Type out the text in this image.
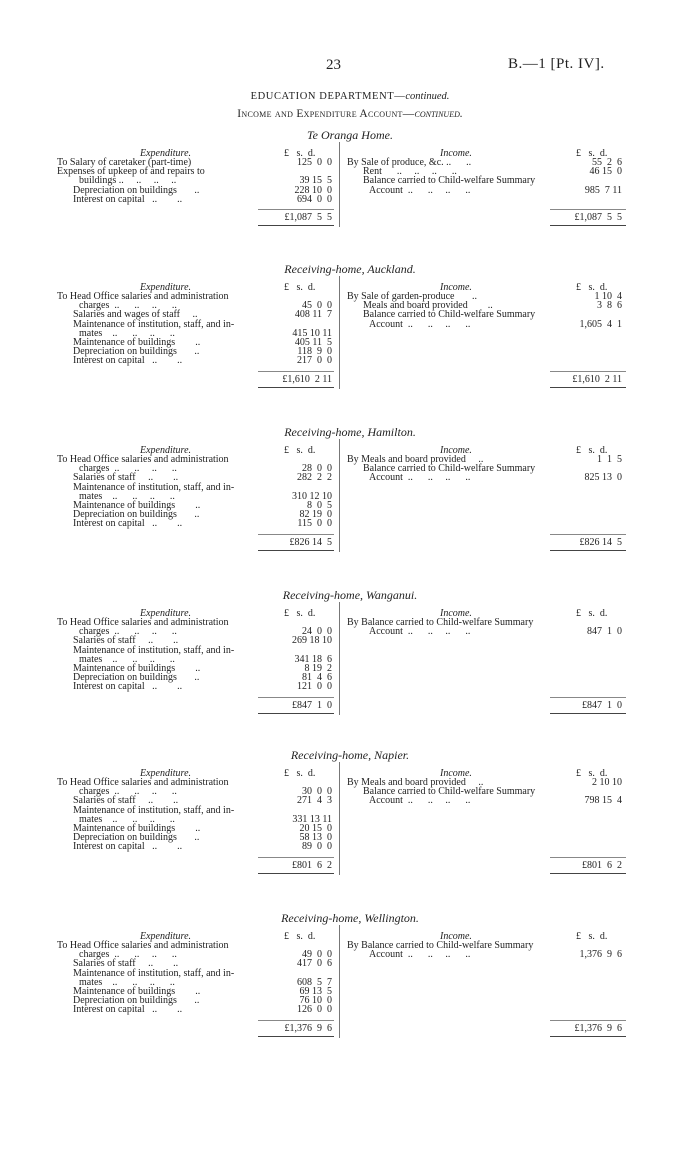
23	B.—1 [Pt. IV].
EDUCATION DEPARTMENT—continued.
Income and Expenditure Account—continued.
Te Oranga Home.
Expenditure.	Income.
£   s.  d.	£   s.  d.
To Salary of caretaker (part-time)	125  0  0
Expenses of upkeep of and repairs to
buildings ..     ..     ..     ..	39 15  5
Depreciation on buildings       ..	228 10  0
Interest on capital   ..        ..	694  0  0
By Sale of produce, &c. ..      ..	55  2  6
Rent      ..     ..     ..      ..	46 15  0
Balance carried to Child-welfare Summary
Account  ..      ..     ..      ..	985  7 11
£1,087  5  5	£1,087  5  5
Receiving-home, Auckland.
Expenditure.	Income.
£   s.  d.	£   s.  d.
To Head Office salaries and administration
charges  ..      ..     ..      ..	45  0  0
Salaries and wages of staff     ..	408 11  7
Maintenance of institution, staff, and in-
mates    ..      ..     ..      ..	415 10 11
Maintenance of buildings        ..	405 11  5
Depreciation on buildings       ..	118  9  0
Interest on capital   ..        ..	217  0  0
By Sale of garden-produce       ..	1 10  4
Meals and board provided        ..	3  8  6
Balance carried to Child-welfare Summary
Account  ..      ..     ..      ..	1,605  4  1
£1,610  2 11	£1,610  2 11
Receiving-home, Hamilton.
Expenditure.	Income.
£   s.  d.	£   s.  d.
To Head Office salaries and administration
charges  ..      ..     ..      ..	28  0  0
Salaries of staff     ..        ..	282  2  2
Maintenance of institution, staff, and in-
mates    ..      ..     ..      ..	310 12 10
Maintenance of buildings        ..	8  0  5
Depreciation on buildings       ..	82 19  0
Interest on capital   ..        ..	115  0  0
By Meals and board provided     ..	1  1  5
Balance carried to Child-welfare Summary
Account  ..      ..     ..      ..	825 13  0
£826 14  5	£826 14  5
Receiving-home, Wanganui.
Expenditure.	Income.
£   s.  d.	£   s.  d.
To Head Office salaries and administration
charges  ..      ..     ..      ..	24  0  0
Salaries of staff     ..        ..	269 18 10
Maintenance of institution, staff, and in-
mates    ..      ..     ..      ..	341 18  6
Maintenance of buildings        ..	8 19  2
Depreciation on buildings       ..	81  4  6
Interest on capital   ..        ..	121  0  0
By Balance carried to Child-welfare Summary
Account  ..      ..     ..      ..	847  1  0
£847  1  0	£847  1  0
Receiving-home, Napier.
Expenditure.	Income.
£   s.  d.	£   s.  d.
To Head Office salaries and administration
charges  ..      ..     ..      ..	30  0  0
Salaries of staff     ..        ..	271  4  3
Maintenance of institution, staff, and in-
mates    ..      ..     ..      ..	331 13 11
Maintenance of buildings        ..	20 15  0
Depreciation on buildings       ..	58 13  0
Interest on capital   ..        ..	89  0  0
By Meals and board provided     ..	2 10 10
Balance carried to Child-welfare Summary
Account  ..      ..     ..      ..	798 15  4
£801  6  2	£801  6  2
Receiving-home, Wellington.
Expenditure.	Income.
£   s.  d.	£   s.  d.
To Head Office salaries and administration
charges  ..      ..     ..      ..	49  0  0
Salaries of staff     ..        ..	417  0  6
Maintenance of institution, staff, and in-
mates    ..      ..     ..      ..	608  5  7
Maintenance of buildings        ..	69 13  5
Depreciation on buildings       ..	76 10  0
Interest on capital   ..        ..	126  0  0
By Balance carried to Child-welfare Summary
Account  ..      ..     ..      ..	1,376  9  6
£1,376  9  6	£1,376  9  6
